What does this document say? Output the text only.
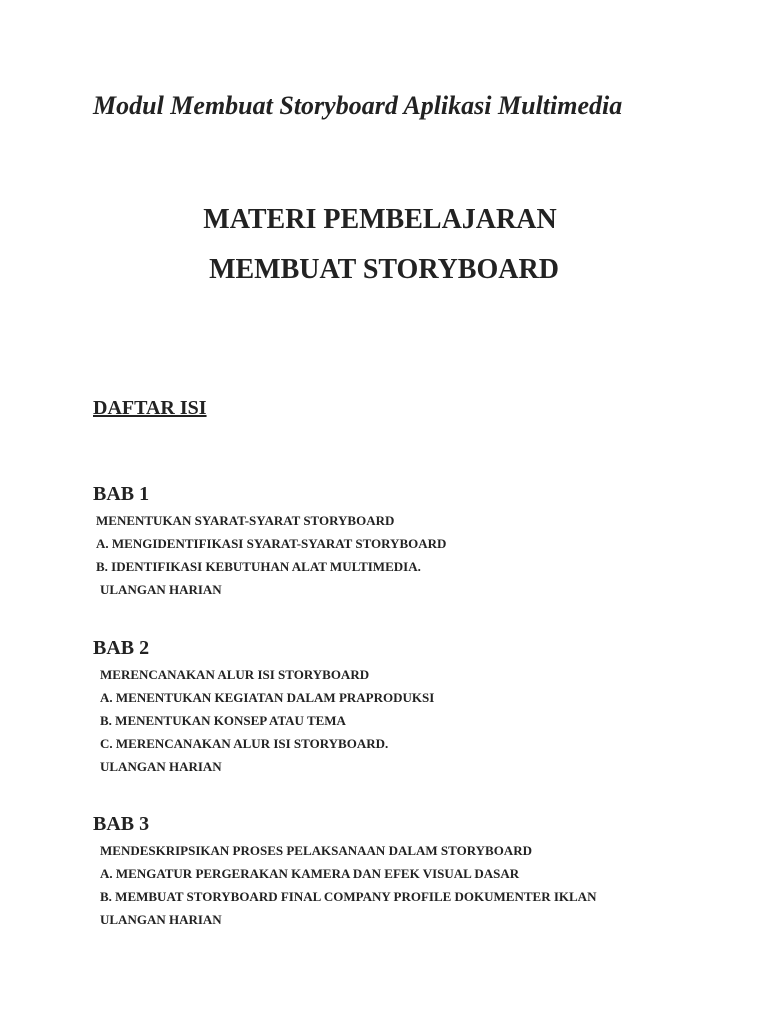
Modul Membuat Storyboard Aplikasi Multimedia
MATERI PEMBELAJARAN
MEMBUAT STORYBOARD
DAFTAR ISI
BAB 1
MENENTUKAN SYARAT-SYARAT STORYBOARD
A. MENGIDENTIFIKASI SYARAT-SYARAT STORYBOARD
B. IDENTIFIKASI KEBUTUHAN ALAT MULTIMEDIA.
ULANGAN HARIAN
BAB 2
MERENCANAKAN ALUR ISI STORYBOARD
A. MENENTUKAN KEGIATAN DALAM PRAPRODUKSI
B. MENENTUKAN KONSEP ATAU TEMA
C. MERENCANAKAN ALUR ISI STORYBOARD.
ULANGAN HARIAN
BAB 3
MENDESKRIPSIKAN PROSES PELAKSANAAN DALAM STORYBOARD
A. MENGATUR PERGERAKAN KAMERA DAN EFEK VISUAL DASAR
B. MEMBUAT STORYBOARD FINAL COMPANY PROFILE DOKUMENTER IKLAN
ULANGAN HARIAN
